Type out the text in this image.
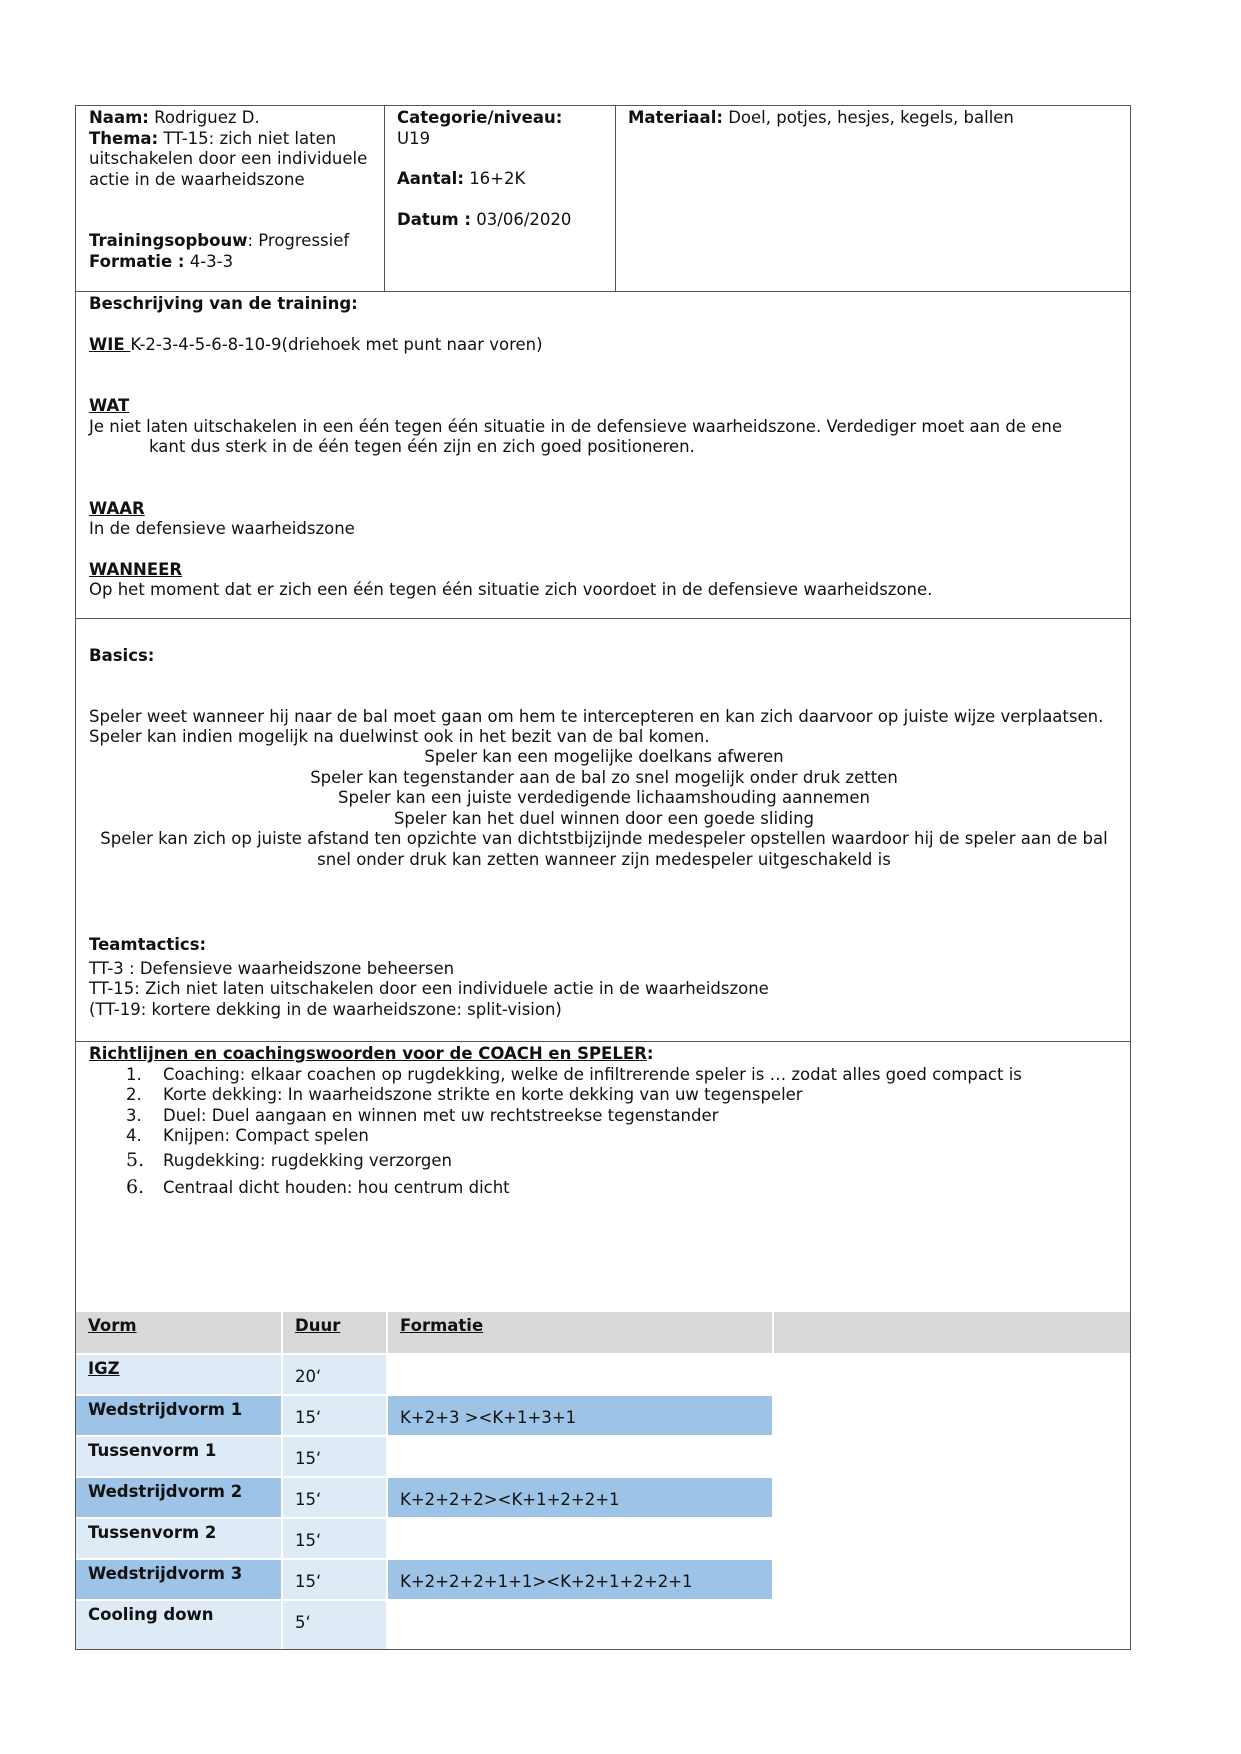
Naam: Rodriguez D.
Thema: TT-15: zich niet laten
uitschakelen door een individuele
actie in de waarheidszone
Trainingsopbouw: Progressief
Formatie : 4-3-3
Categorie/niveau:
U19
Aantal: 16+2K
Datum : 03/06/2020
Materiaal: Doel, potjes, hesjes, kegels, ballen
Beschrijving van de training:
WIE K-2-3-4-5-6-8-10-9(driehoek met punt naar voren)
WAT
Je niet laten uitschakelen in een één tegen één situatie in de defensieve waarheidszone. Verdediger moet aan de ene
kant dus sterk in de één tegen één zijn en zich goed positioneren.
WAAR
In de defensieve waarheidszone
WANNEER
Op het moment dat er zich een één tegen één situatie zich voordoet in de defensieve waarheidszone.
Basics:
Speler weet wanneer hij naar de bal moet gaan om hem te intercepteren en kan zich daarvoor op juiste wijze verplaatsen.
Speler kan indien mogelijk na duelwinst ook in het bezit van de bal komen.
Speler kan een mogelijke doelkans afweren
Speler kan tegenstander aan de bal zo snel mogelijk onder druk zetten
Speler kan een juiste verdedigende lichaamshouding aannemen
Speler kan het duel winnen door een goede sliding
Speler kan zich op juiste afstand ten opzichte van dichtstbijzijnde medespeler opstellen waardoor hij de speler aan de bal
snel onder druk kan zetten wanneer zijn medespeler uitgeschakeld is
Teamtactics:
TT-3 : Defensieve waarheidszone beheersen
TT-15: Zich niet laten uitschakelen door een individuele actie in de waarheidszone
(TT-19: kortere dekking in de waarheidszone: split-vision)
Richtlijnen en coachingswoorden voor de COACH en SPELER:
1. Coaching: elkaar coachen op rugdekking, welke de infiltrerende speler is … zodat alles goed compact is
2. Korte dekking: In waarheidszone strikte en korte dekking van uw tegenspeler
3. Duel: Duel aangaan en winnen met uw rechtstreekse tegenstander
4. Knijpen: Compact spelen
5. Rugdekking: rugdekking verzorgen
6. Centraal dicht houden: hou centrum dicht
Vorm	Duur	Formatie
IGZ	20‘
Wedstrijdvorm 1	15‘	K+2+3 ><K+1+3+1
Tussenvorm 1	15‘
Wedstrijdvorm 2	15‘	K+2+2+2><K+1+2+2+1
Tussenvorm 2	15‘
Wedstrijdvorm 3	15‘	K+2+2+2+1+1><K+2+1+2+2+1
Cooling down	5‘
